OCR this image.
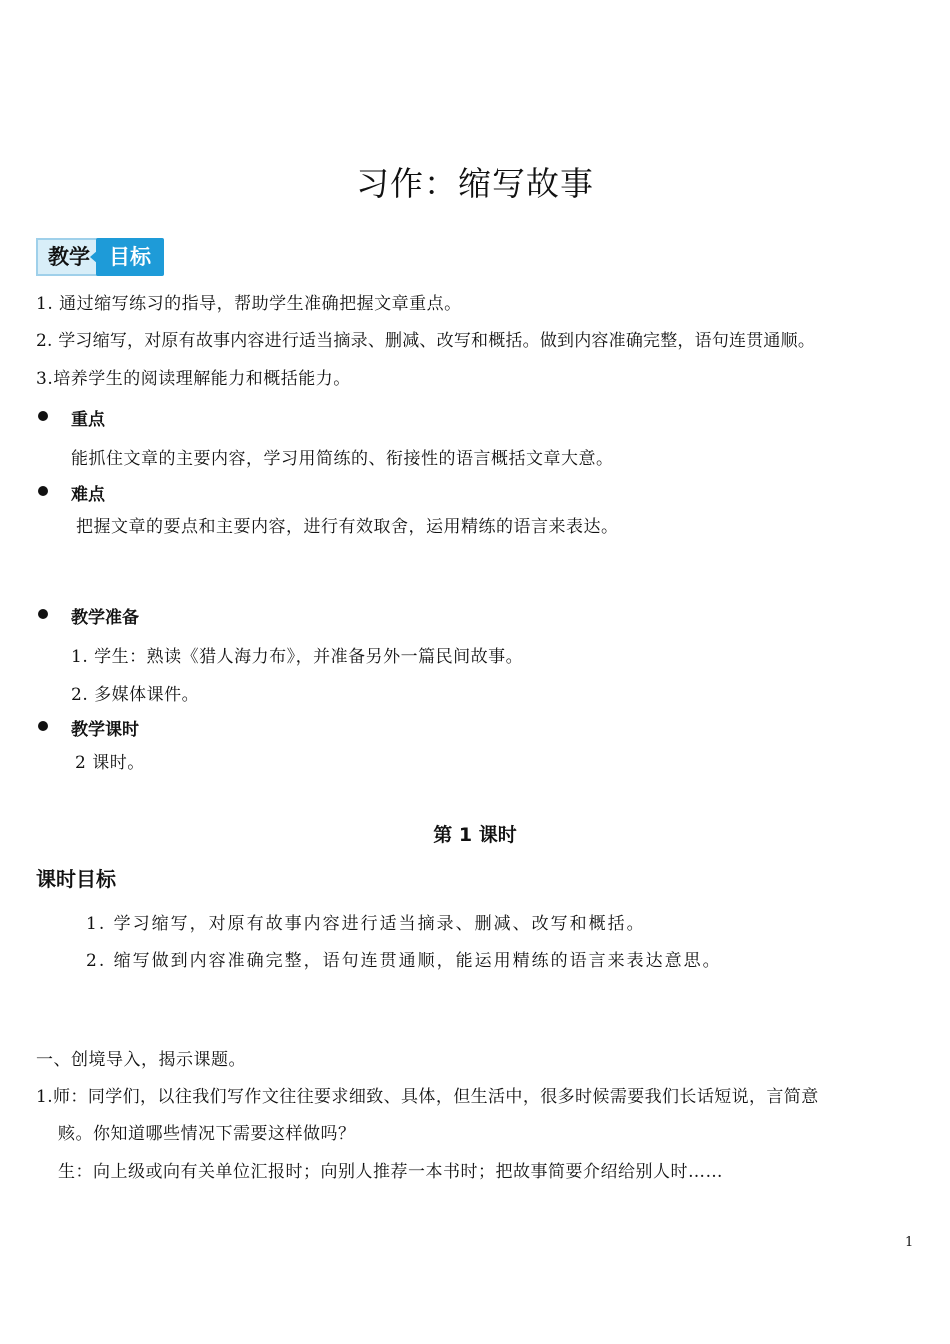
习作：缩写故事
教学 目标
1. 通过缩写练习的指导，帮助学生准确把握文章重点。
2. 学习缩写，对原有故事内容进行适当摘录、删减、改写和概括。做到内容准确完整，语句连贯通顺。
3.培养学生的阅读理解能力和概括能力。
重点
能抓住文章的主要内容，学习用简练的、衔接性的语言概括文章大意。
难点
把握文章的要点和主要内容，进行有效取舍，运用精练的语言来表达。
教学准备
1. 学生：熟读《猎人海力布》，并准备另外一篇民间故事。
2. 多媒体课件。
教学课时
2 课时。
第 1 课时
课时目标
1. 学习缩写，对原有故事内容进行适当摘录、删减、改写和概括。
2. 缩写做到内容准确完整，语句连贯通顺，能运用精练的语言来表达意思。
一、创境导入，揭示课题。
1.师：同学们，以往我们写作文往往要求细致、具体，但生活中，很多时候需要我们长话短说，言简意
赅。你知道哪些情况下需要这样做吗？
生：向上级或向有关单位汇报时；向别人推荐一本书时；把故事简要介绍给别人时……
1
